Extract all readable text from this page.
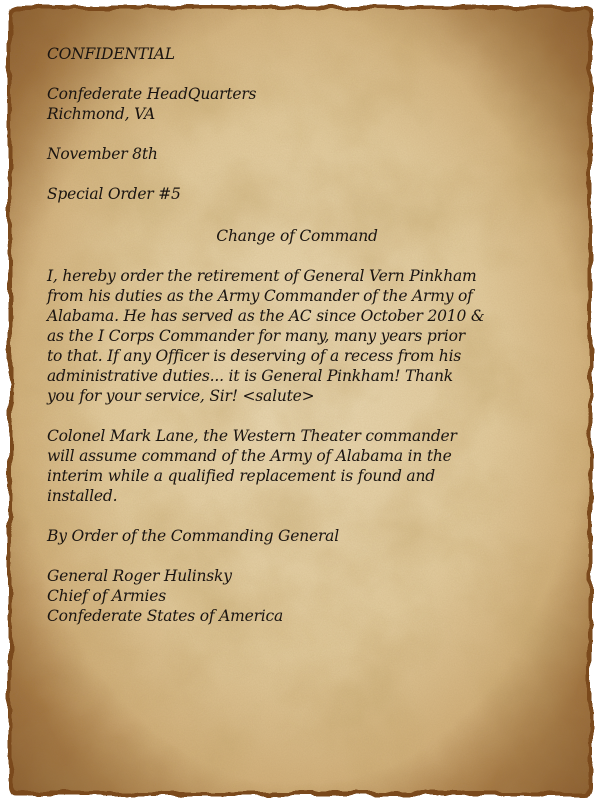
CONFIDENTIAL
Confederate HeadQuarters
Richmond, VA
November 8th
Special Order #5
Change of Command
I, hereby order the retirement of General Vern Pinkham
from his duties as the Army Commander of the Army of
Alabama. He has served as the AC since October 2010 &
as the I Corps Commander for many, many years prior
to that. If any Officer is deserving of a recess from his
administrative duties... it is General Pinkham! Thank
you for your service, Sir! <salute>
Colonel Mark Lane, the Western Theater commander
will assume command of the Army of Alabama in the
interim while a qualified replacement is found and
installed.
By Order of the Commanding General
General Roger Hulinsky
Chief of Armies
Confederate States of America
